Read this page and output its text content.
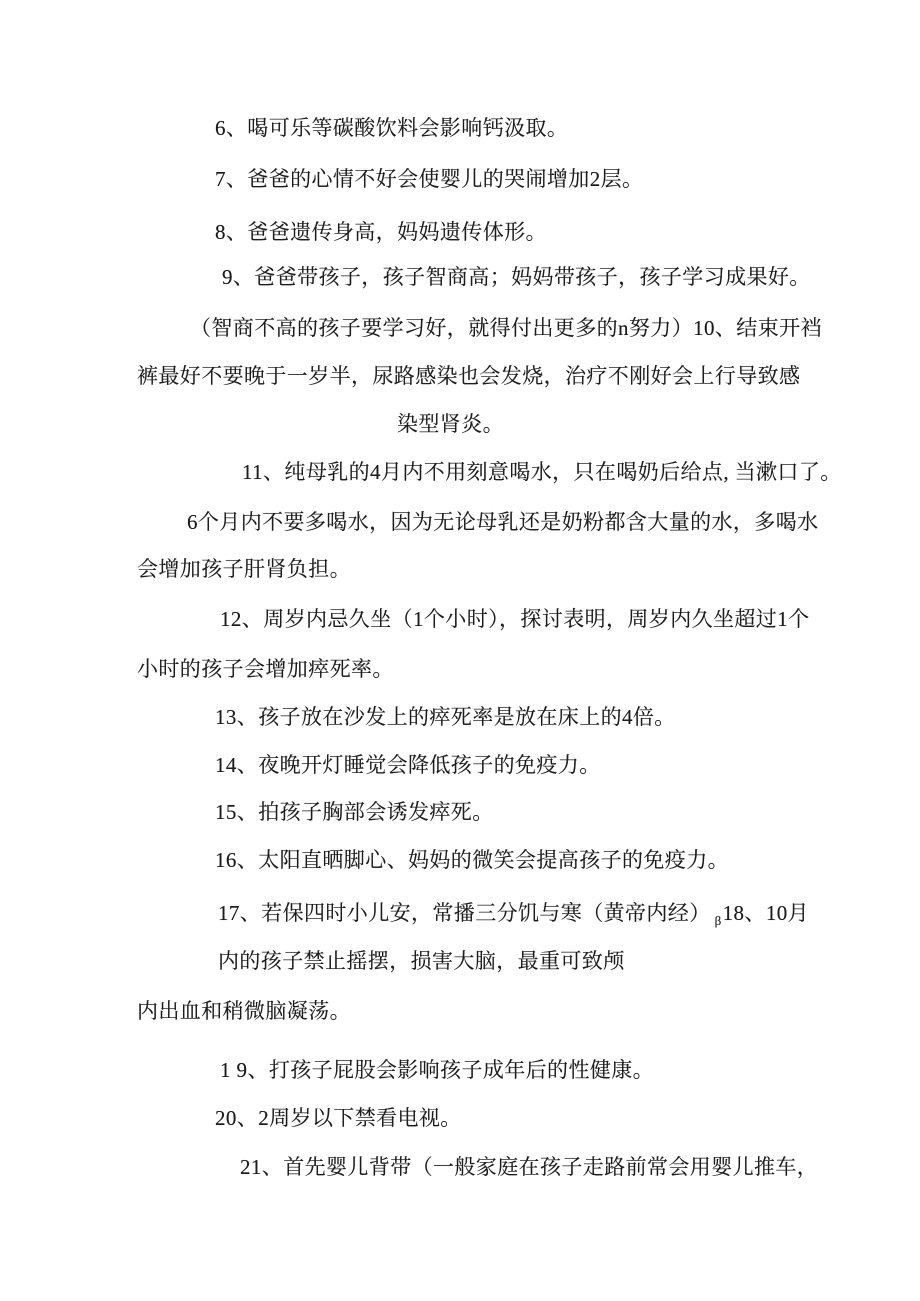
6、喝可乐等碳酸饮料会影响钙汲取。

7、爸爸的心情不好会使婴儿的哭闹增加2层。

8、爸爸遗传身高，妈妈遗传体形。

9、爸爸带孩子，孩子智商高；妈妈带孩子，孩子学习成果好。

（智商不高的孩子要学习好，就得付出更多的n努力）10、结束开裆

裤最好不要晚于一岁半，尿路感染也会发烧，治疗不刚好会上行导致感

染型肾炎。

11、纯母乳的4月内不用刻意喝水，只在喝奶后给点, 当漱口了。

6个月内不要多喝水，因为无论母乳还是奶粉都含大量的水，多喝水

会增加孩子肝肾负担。

12、周岁内忌久坐（1个小时），探讨表明，周岁内久坐超过1个

小时的孩子会增加瘁死率。

13、孩子放在沙发上的瘁死率是放在床上的4倍。

14、夜晚开灯睡觉会降低孩子的免疫力。

15、拍孩子胸部会诱发瘁死。

16、太阳直晒脚心、妈妈的微笑会提高孩子的免疫力。

17、若保四时小儿安，常播三分饥与寒（黄帝内经） $_\beta$18、10月

内的孩子禁止摇摆，损害大脑，最重可致颅

内出血和稍微脑凝荡。

1 9、打孩子屁股会影响孩子成年后的性健康。

20、2周岁以下禁看电视。

21、首先婴儿背带（一般家庭在孩子走路前常会用婴儿推车，
